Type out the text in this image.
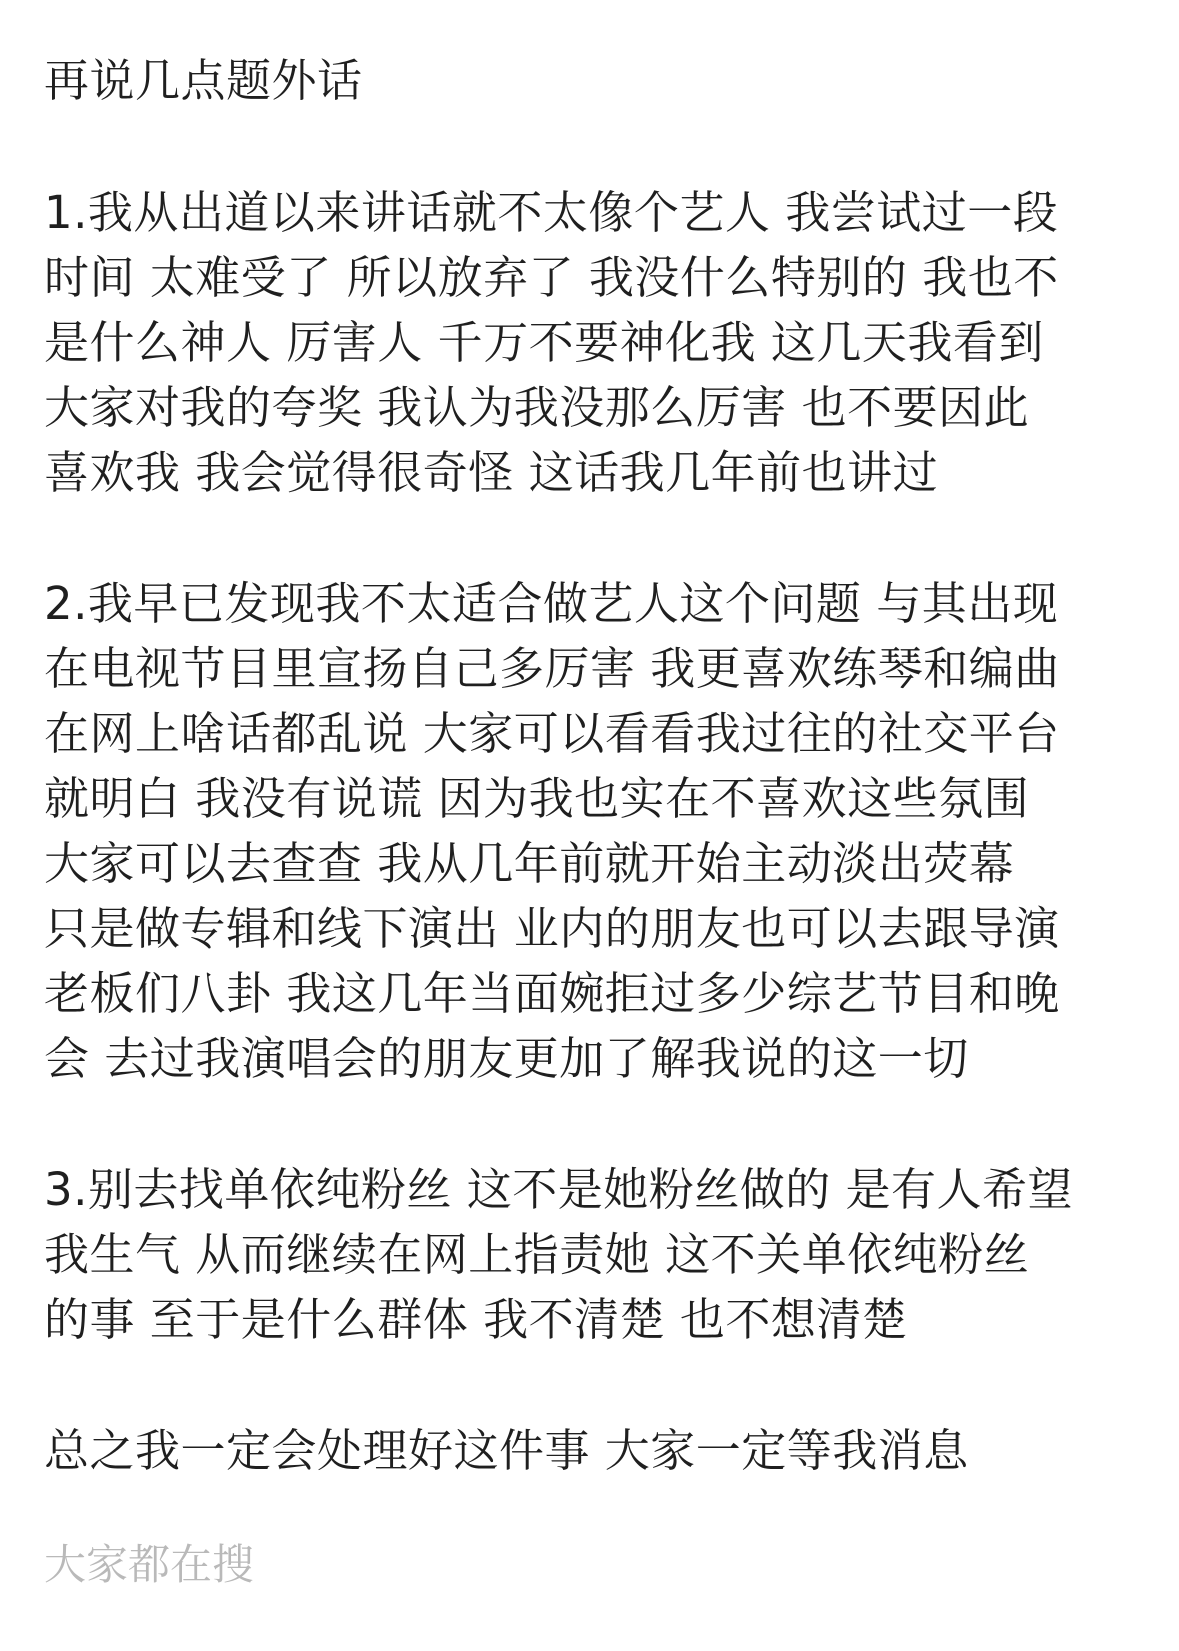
再说几点题外话

1.我从出道以来讲话就不太像个艺人 我尝试过一段

时间 太难受了 所以放弃了 我没什么特别的 我也不

是什么神人 厉害人 千万不要神化我 这几天我看到

大家对我的夸奖 我认为我没那么厉害 也不要因此

喜欢我 我会觉得很奇怪 这话我几年前也讲过

2.我早已发现我不太适合做艺人这个问题 与其出现

在电视节目里宣扬自己多厉害 我更喜欢练琴和编曲

在网上啥话都乱说 大家可以看看我过往的社交平台

就明白 我没有说谎 因为我也实在不喜欢这些氛围

大家可以去查查 我从几年前就开始主动淡出荧幕

只是做专辑和线下演出 业内的朋友也可以去跟导演

老板们八卦 我这几年当面婉拒过多少综艺节目和晚

会 去过我演唱会的朋友更加了解我说的这一切

3.别去找单依纯粉丝 这不是她粉丝做的 是有人希望

我生气 从而继续在网上指责她 这不关单依纯粉丝

的事 至于是什么群体 我不清楚 也不想清楚

总之我一定会处理好这件事 大家一定等我消息

大家都在搜
